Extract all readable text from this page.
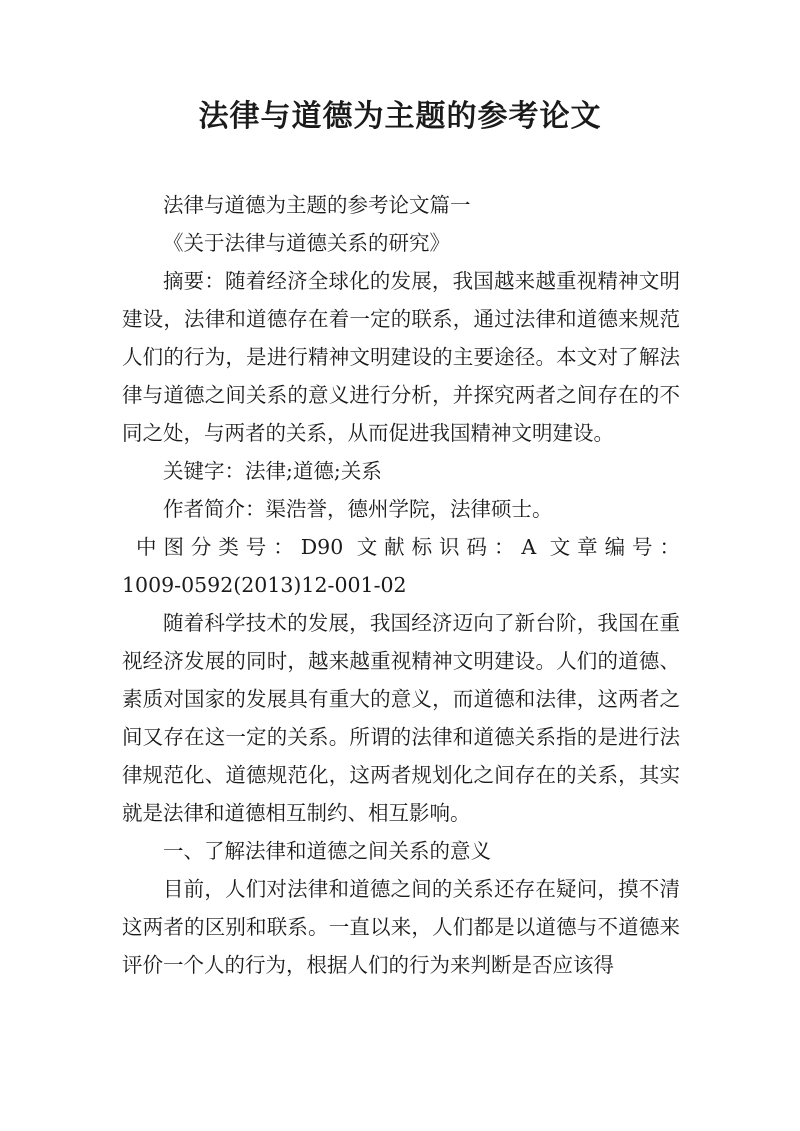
法律与道德为主题的参考论文

法律与道德为主题的参考论文篇一

《关于法律与道德关系的研究》

摘要：随着经济全球化的发展，我国越来越重视精神文明建设，法律和道德存在着一定的联系，通过法律和道德来规范人们的行为，是进行精神文明建设的主要途径。本文对了解法律与道德之间关系的意义进行分析，并探究两者之间存在的不同之处，与两者的关系，从而促进我国精神文明建设。

关键字：法律;道德;关系

作者简介：渠浩誉，德州学院，法律硕士。

中图分类号：D90 文献标识码：A 文章编号：

1009-0592(2013)12-001-02

随着科学技术的发展，我国经济迈向了新台阶，我国在重视经济发展的同时，越来越重视精神文明建设。人们的道德、素质对国家的发展具有重大的意义，而道德和法律，这两者之间又存在这一定的关系。所谓的法律和道德关系指的是进行法律规范化、道德规范化，这两者规划化之间存在的关系，其实就是法律和道德相互制约、相互影响。

一、了解法律和道德之间关系的意义

目前，人们对法律和道德之间的关系还存在疑问，摸不清这两者的区别和联系。一直以来，人们都是以道德与不道德来评价一个人的行为，根据人们的行为来判断是否应该得
